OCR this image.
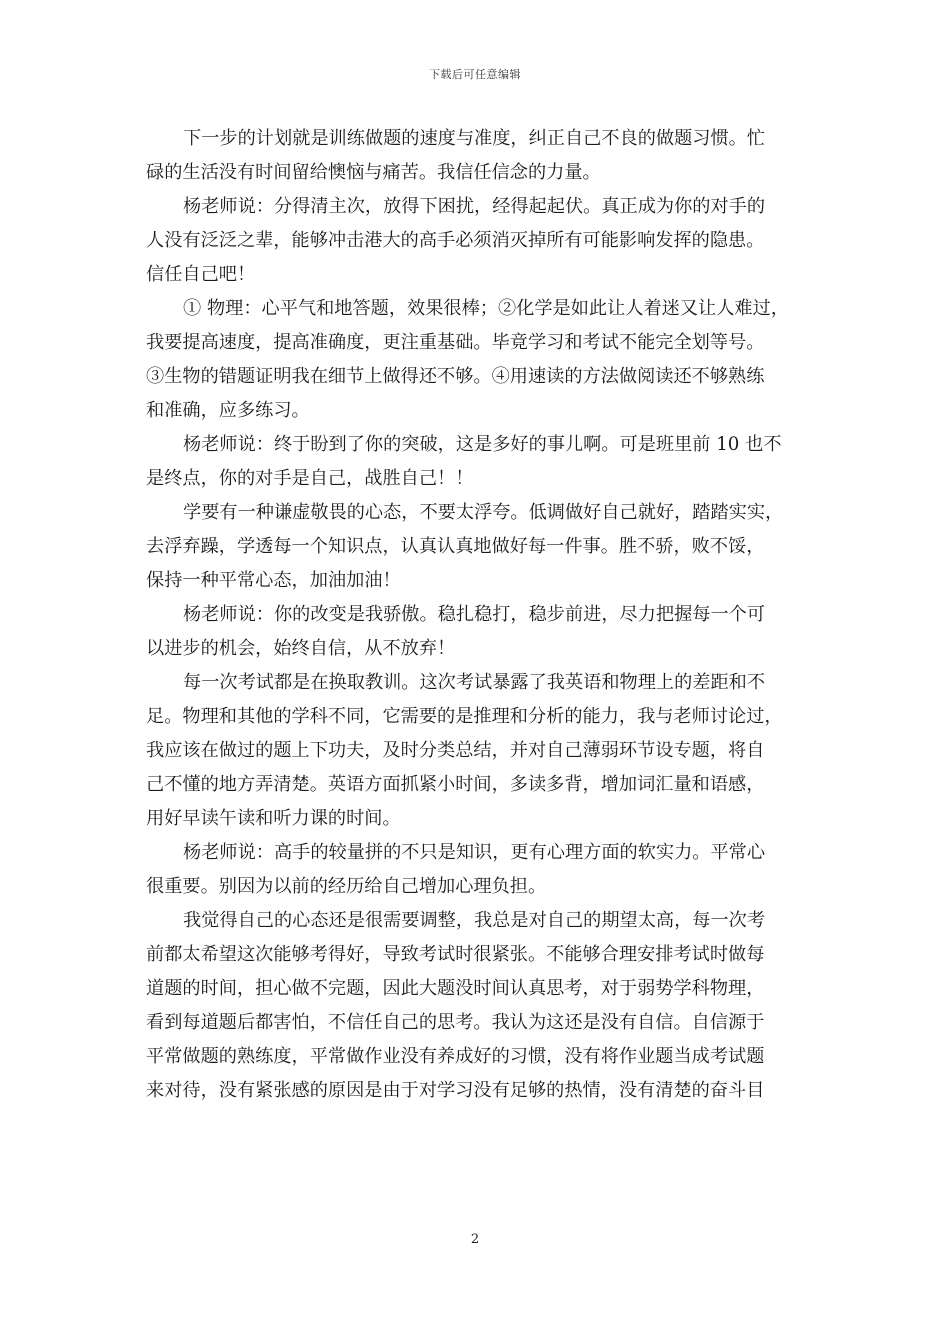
下载后可任意编辑
下一步的计划就是训练做题的速度与准度，纠正自己不良的做题习惯。忙
碌的生活没有时间留给懊恼与痛苦。我信任信念的力量。
杨老师说：分得清主次，放得下困扰，经得起起伏。真正成为你的对手的
人没有泛泛之辈，能够冲击港大的高手必须消灭掉所有可能影响发挥的隐患。
信任自己吧！
① 物理：心平气和地答题，效果很棒；②化学是如此让人着迷又让人难过，
我要提高速度，提高准确度，更注重基础。毕竟学习和考试不能完全划等号。
③生物的错题证明我在细节上做得还不够。④用速读的方法做阅读还不够熟练
和准确，应多练习。
杨老师说：终于盼到了你的突破，这是多好的事儿啊。可是班里前 10 也不
是终点，你的对手是自己，战胜自己！！
学要有一种谦虚敬畏的心态，不要太浮夸。低调做好自己就好，踏踏实实，
去浮弃躁，学透每一个知识点，认真认真地做好每一件事。胜不骄，败不馁，
保持一种平常心态，加油加油！
杨老师说：你的改变是我骄傲。稳扎稳打，稳步前进，尽力把握每一个可
以进步的机会，始终自信，从不放弃！
每一次考试都是在换取教训。这次考试暴露了我英语和物理上的差距和不
足。物理和其他的学科不同，它需要的是推理和分析的能力，我与老师讨论过，
我应该在做过的题上下功夫，及时分类总结，并对自己薄弱环节设专题，将自
己不懂的地方弄清楚。英语方面抓紧小时间，多读多背，增加词汇量和语感，
用好早读午读和听力课的时间。
杨老师说：高手的较量拼的不只是知识，更有心理方面的软实力。平常心
很重要。别因为以前的经历给自己增加心理负担。
我觉得自己的心态还是很需要调整，我总是对自己的期望太高，每一次考
前都太希望这次能够考得好，导致考试时很紧张。不能够合理安排考试时做每
道题的时间，担心做不完题，因此大题没时间认真思考，对于弱势学科物理，
看到每道题后都害怕，不信任自己的思考。我认为这还是没有自信。自信源于
平常做题的熟练度，平常做作业没有养成好的习惯，没有将作业题当成考试题
来对待，没有紧张感的原因是由于对学习没有足够的热情，没有清楚的奋斗目
2
